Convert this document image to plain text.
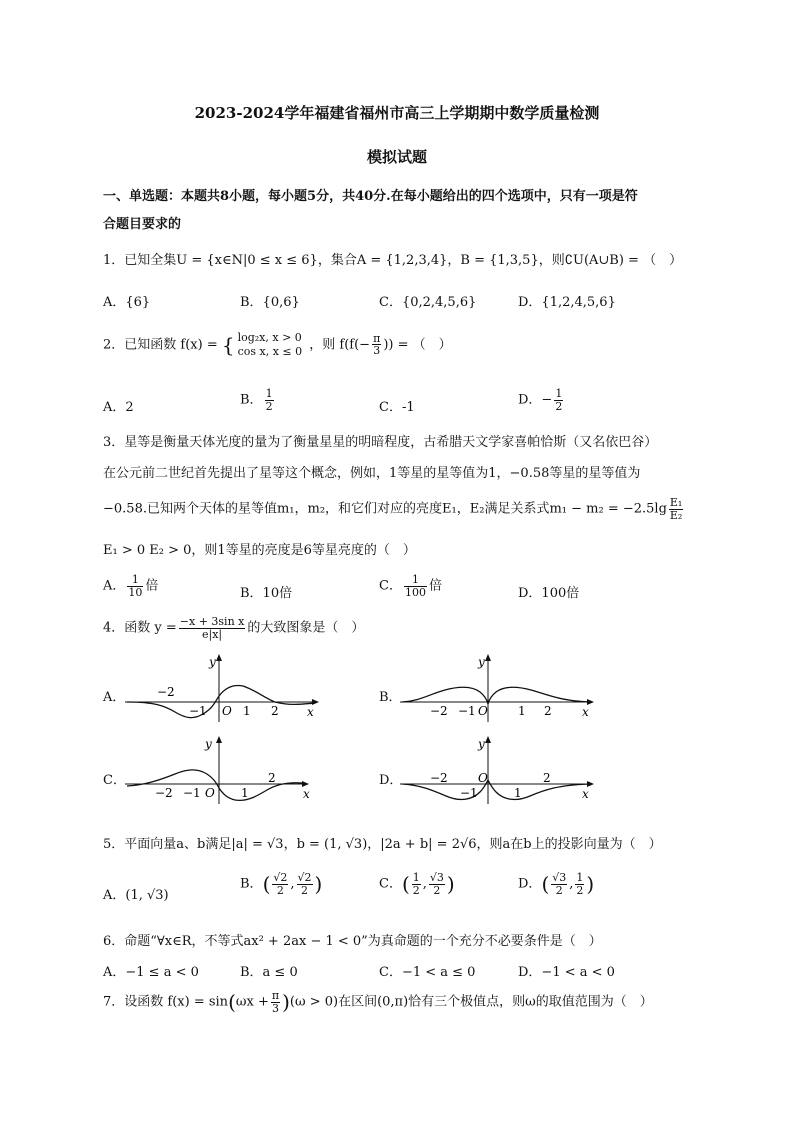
2023-2024学年福建省福州市高三上学期期中数学质量检测
模拟试题
一、单选题：本题共8小题，每小题5分，共40分.在每小题给出的四个选项中，只有一项是符
合题目要求的
1．已知全集U = {x∈N|0 ≤ x ≤ 6}，集合A = {1,2,3,4}，B = {1,3,5}，则∁U(A∪B) = （　）
A．{6}	B．{0,6}	C．{0,2,4,5,6}	D．{1,2,4,5,6}
2．已知函数 f(x) = { log₂x, x > 0
cos x, x ≤ 0 ，则 $f(f(- \frac{\pi}{3}$ )) = （　）
A．2	B． $\frac{1}{2}$	C．-1	D．− $\frac{1}{2}$
3．星等是衡量天体光度的量为了衡量星星的明暗程度，古希腊天文学家喜帕恰斯（又名依巴谷）
在公元前二世纪首先提出了星等这个概念，例如，1等星的星等值为1，−0.58等星的星等值为
−0.58.已知两个天体的星等值m₁，m₂，和它们对应的亮度E₁，E₂满足关系式$m_1 - m_2 = -2.5\lg \frac{\text{E₁}}{\text{E₂}}$
E₁ > 0 E₂ > 0，则1等星的亮度是6等星亮度的（　）
A． $\frac{1}{10}$ 倍	B．10倍	C． $\frac{1}{100}$ 倍	D．100倍
4．函数 $y = \frac{\text{−x + 3sin x}}{e|x|}$ 的大致图象是（　）
A．	B．
C．	D．
x
y
O
−2
−1	1 2	x
y
O
−2 −1	1 2
x
y
O
−2 −1	1
2
x
y
O
−2
−1	1
2
5．平面向量a、b满足|a| = √3，b = (1, √3)，|2a + b| = 2√6，则a在b上的投影向量为（　）
A．(1, √3)
B．( $\frac{√2}{2}$ , $\frac{√2}{2}$ )	C．( $\frac{1}{2}$ , $\frac{√3}{2}$ )	D．( $\frac{√3}{2}$ , $\frac{1}{2}$ )
6．命题“∀x∈R，不等式ax² + 2ax − 1 < 0”为真命题的一个充分不必要条件是（　）
A．−1 ≤ a < 0	B．a ≤ 0	C．−1 < a ≤ 0	D．−1 < a < 0
7．设函数 $f(x) = \sin(\omega x + \frac{\pi}{3} )(\omega > 0)$在区间(0,π)恰有三个极值点，则ω的取值范围为（　）
